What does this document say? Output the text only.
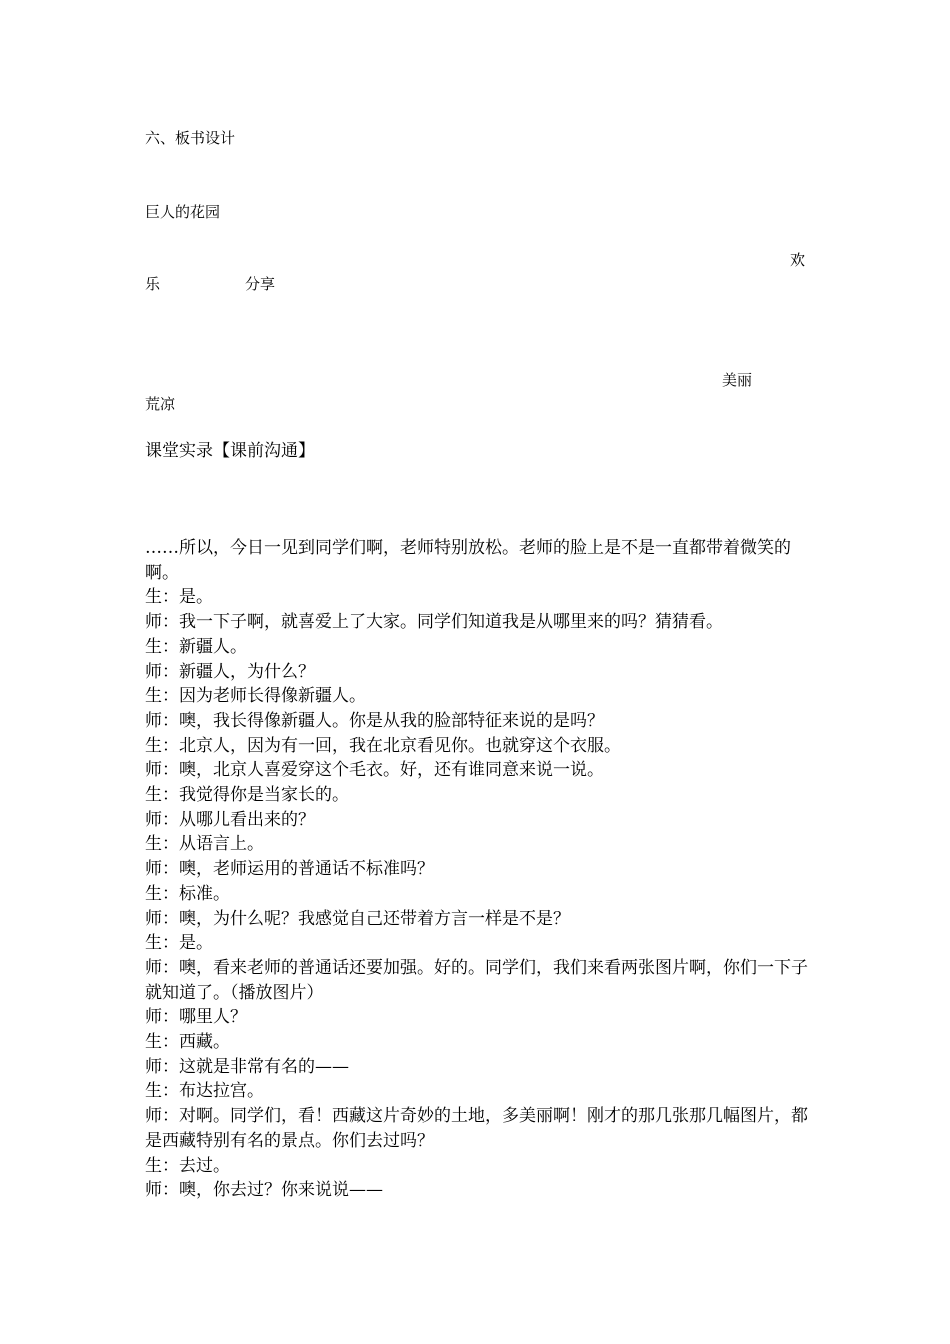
六、板书设计
巨人的花园
欢
乐	分享
美丽
荒凉
课堂实录【课前沟通】

……所以，今日一见到同学们啊，老师特别放松。老师的脸上是不是一直都带着微笑的啊。

生：是。

师：我一下子啊，就喜爱上了大家。同学们知道我是从哪里来的吗？猜猜看。

生：新疆人。

师：新疆人，为什么？

生：因为老师长得像新疆人。

师：噢，我长得像新疆人。你是从我的脸部特征来说的是吗？

生：北京人，因为有一回，我在北京看见你。也就穿这个衣服。

师：噢，北京人喜爱穿这个毛衣。好，还有谁同意来说一说。

生：我觉得你是当家长的。

师：从哪儿看出来的？

生：从语言上。

师：噢，老师运用的普通话不标准吗？

生：标准。

师：噢，为什么呢？我感觉自己还带着方言一样是不是？

生：是。

师：噢，看来老师的普通话还要加强。好的。同学们，我们来看两张图片啊，你们一下子就知道了。（播放图片）

师：哪里人？

生：西藏。

师：这就是非常有名的——

生：布达拉宫。

师：对啊。同学们，看！西藏这片奇妙的土地，多美丽啊！刚才的那几张那几幅图片，都是西藏特别有名的景点。你们去过吗？

生：去过。

师：噢，你去过？你来说说——
